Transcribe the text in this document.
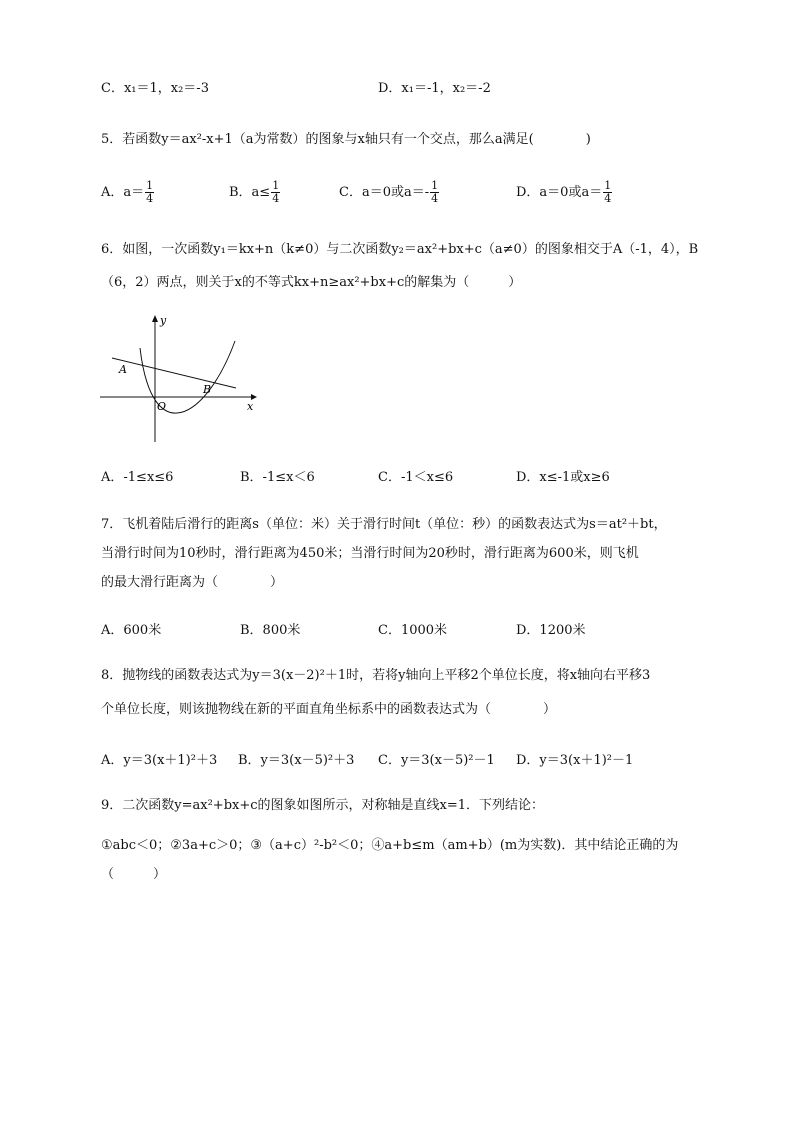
C．x₁＝1，x₂＝-3	D．x₁＝-1，x₂＝-2
5．若函数y＝ax²-x+1（a为常数）的图象与x轴只有一个交点，那么a满足(　　　　)
A．$a= \frac{1}{4}$	B．$a\le \frac{1}{4}$	C．a＝0或$a=- \frac{1}{4}$	D．a＝0或$a= \frac{1}{4}$
6．如图，一次函数y₁＝kx+n（k≠0）与二次函数y₂＝ax²+bx+c（a≠0）的图象相交于A（-1，4），B
（6，2）两点，则关于x的不等式kx+n≥ax²+bx+c的解集为（　　　）
y
x
O
A
B
A．-1≤x≤6	B．-1≤x＜6	C．-1＜x≤6	D．x≤-1或x≥6
7．飞机着陆后滑行的距离s（单位：米）关于滑行时间t（单位：秒）的函数表达式为s＝at²＋bt，
当滑行时间为10秒时，滑行距离为450米；当滑行时间为20秒时，滑行距离为600米，则飞机
的最大滑行距离为（　　　　）
A．600米	B．800米	C．1000米	D．1200米
8．抛物线的函数表达式为y＝3(x－2)²＋1时，若将y轴向上平移2个单位长度，将x轴向右平移3
个单位长度，则该抛物线在新的平面直角坐标系中的函数表达式为（　　　　）
A．y＝3(x＋1)²＋3 B．y＝3(x－5)²＋3 C．y＝3(x－5)²－1 D．y＝3(x＋1)²－1
9．二次函数y=ax²+bx+c的图象如图所示，对称轴是直线x=1．下列结论：
①abc＜0；②3a+c＞0；③（a+c）²-b²＜0；④a+b≤m（am+b）(m为实数)．其中结论正确的为
（　　　）
